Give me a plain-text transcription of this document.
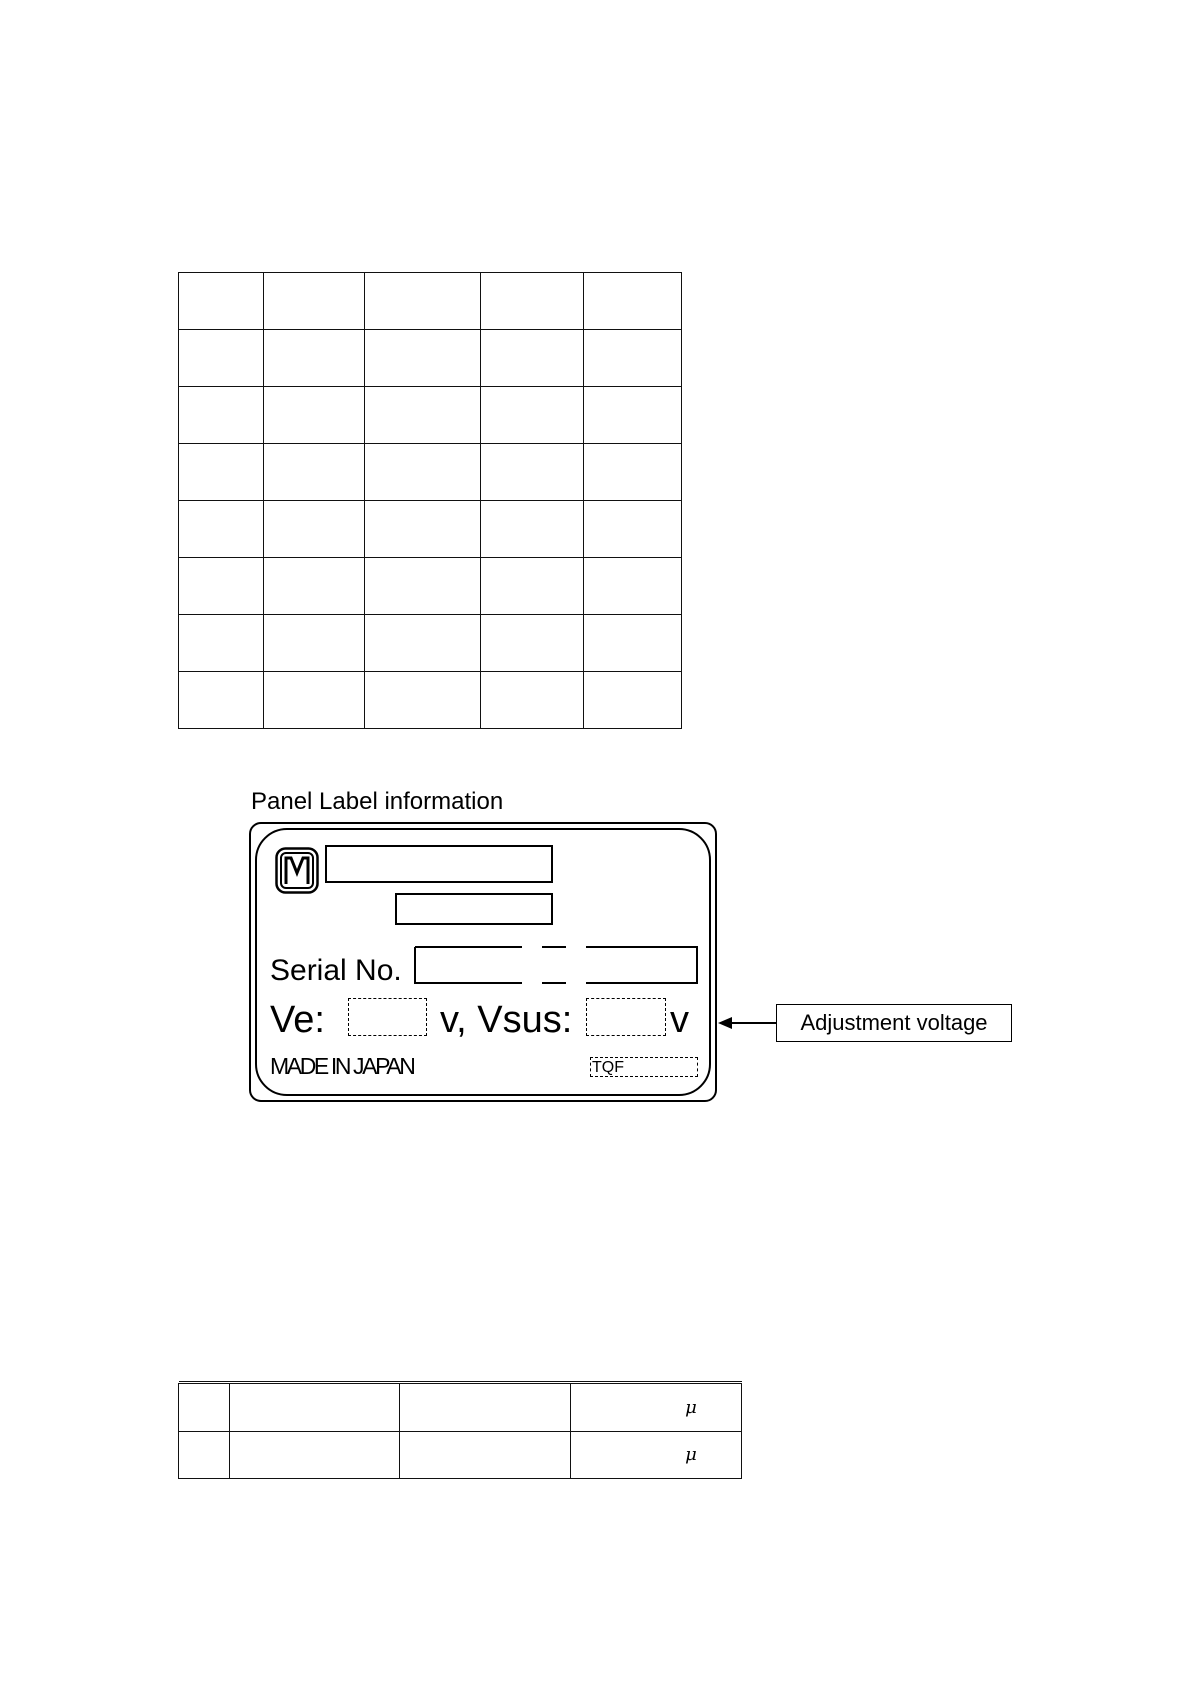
Panel Label information
Serial No.
Ve:	v, Vsus:	v
MADE IN JAPAN	TQF
Adjustment voltage

			μ
			μ
